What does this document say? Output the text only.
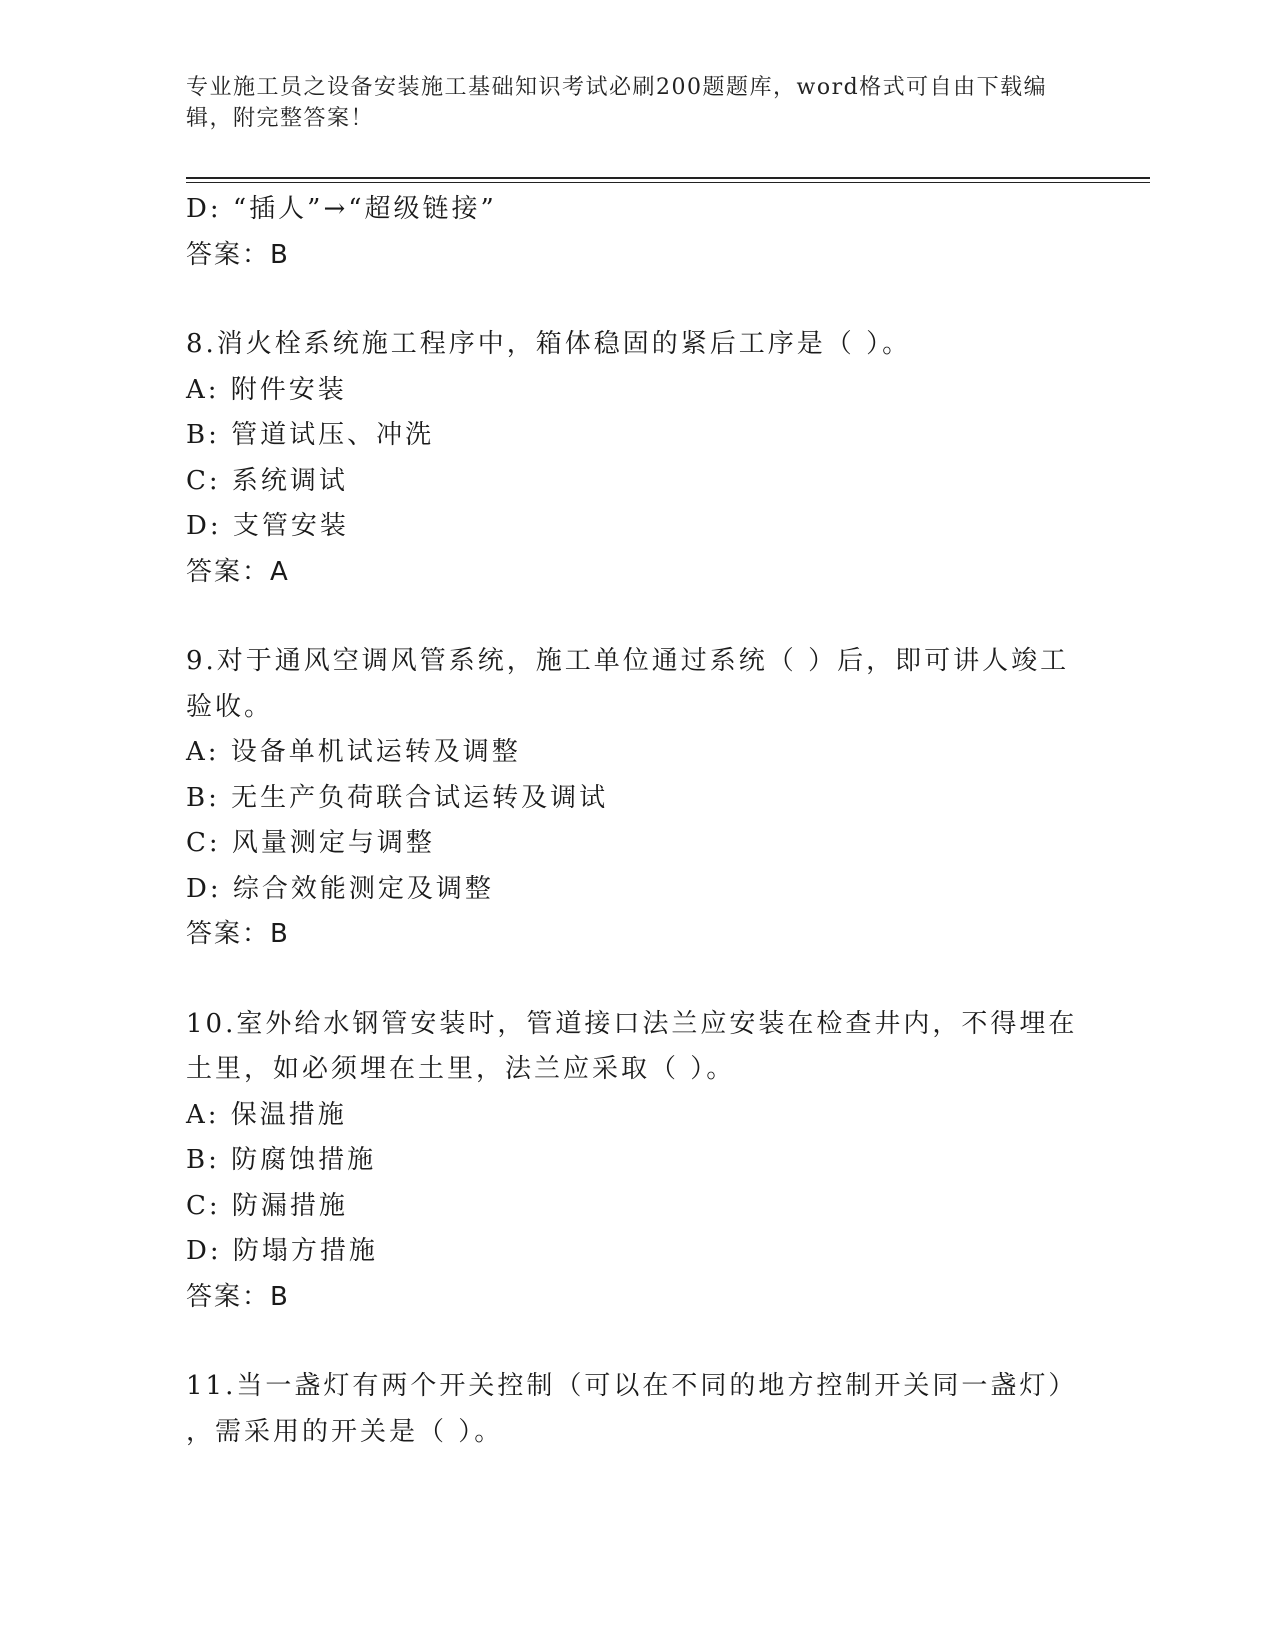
专业施工员之设备安装施工基础知识考试必刷200题题库，word格式可自由下载编辑，附完整答案！
D: “插人”→“超级链接”
答案：B
8.消火栓系统施工程序中，箱体稳固的紧后工序是（ ）。
A: 附件安装
B: 管道试压、冲洗
C: 系统调试
D: 支管安装
答案：A
9.对于通风空调风管系统，施工单位通过系统（ ）后，即可讲人竣工
验收。
A: 设备单机试运转及调整
B: 无生产负荷联合试运转及调试
C: 风量测定与调整
D: 综合效能测定及调整
答案：B
10.室外给水钢管安装时，管道接口法兰应安装在检查井内，不得埋在
土里，如必须埋在土里，法兰应采取（ ）。
A: 保温措施
B: 防腐蚀措施
C: 防漏措施
D: 防塌方措施
答案：B
11.当一盏灯有两个开关控制（可以在不同的地方控制开关同一盏灯）
，需采用的开关是（ ）。
